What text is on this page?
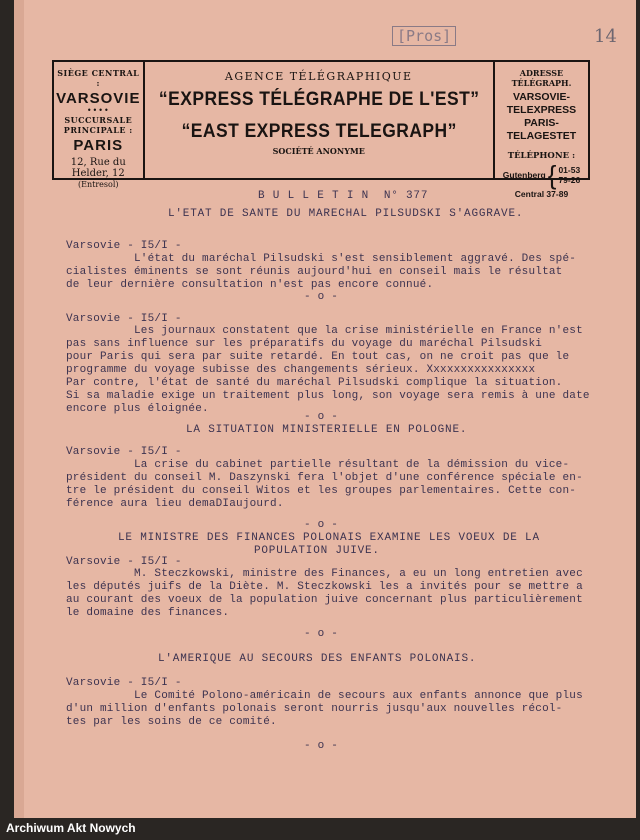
[Pros]	14
SIÈGE CENTRAL :
VARSOVIE
••••
SUCCURSALE PRINCIPALE :
PARIS
12, Rue du Helder, 12
(Entresol)
AGENCE TÉLÉGRAPHIQUE
“EXPRESS TÉLÉGRAPHE DE L'EST”
“EAST EXPRESS TELEGRAPH”
SOCIÉTÉ ANONYME
ADRESSE TÉLÉGRAPH.
VARSOVIE-TELEXPRESS
PARIS-TELAGESTET
TÉLÉPHONE :
Gutenberg { 01-53
79-26
Central 37-89
B U L L E T I N  N° 377
L'ETAT DE SANTE DU MARECHAL PILSUDSKI S'AGGRAVE.
Varsovie - I5/I -
L'état du maréchal Pilsudski s'est sensiblement aggravé. Des spé-
cialistes éminents se sont réunis aujourd'hui en conseil mais le résultat
de leur dernière consultation n'est pas encore connué.
- o -
Varsovie - I5/I -
Les journaux constatent que la crise ministérielle en France n'est
pas sans influence sur les préparatifs du voyage du maréchal Pilsudski
pour Paris qui sera par suite retardé. En tout cas, on ne croit pas que le
programme du voyage subisse des changements sérieux. Xxxxxxxxxxxxxxxx
Par contre, l'état de santé du maréchal Pilsudski complique la situation.
Si sa maladie exige un traitement plus long, son voyage sera remis à une date
encore plus éloignée.
- o -
LA SITUATION MINISTERIELLE EN POLOGNE.
Varsovie - I5/I -
La crise du cabinet partielle résultant de la démission du vice-
président du conseil M. Daszynski fera l'objet d'une conférence spéciale en-
tre le président du conseil Witos et les groupes parlementaires. Cette con-
férence aura lieu demaDIaujourd.
- o -
LE MINISTRE DES FINANCES POLONAIS EXAMINE LES VOEUX DE LA
POPULATION JUIVE.
Varsovie - I5/I -
M. Steczkowski, ministre des Finances, a eu un long entretien avec
les députés juifs de la Diète. M. Steczkowski les a invités pour se mettre a
au courant des voeux de la population juive concernant plus particulièrement
le domaine des finances.
- o -
L'AMERIQUE AU SECOURS DES ENFANTS POLONAIS.
Varsovie - I5/I -
Le Comité Polono-américain de secours aux enfants annonce que plus
d'un million d'enfants polonais seront nourris jusqu'aux nouvelles récol-
tes par les soins de ce comité.
- o -
Archiwum Akt Nowych
